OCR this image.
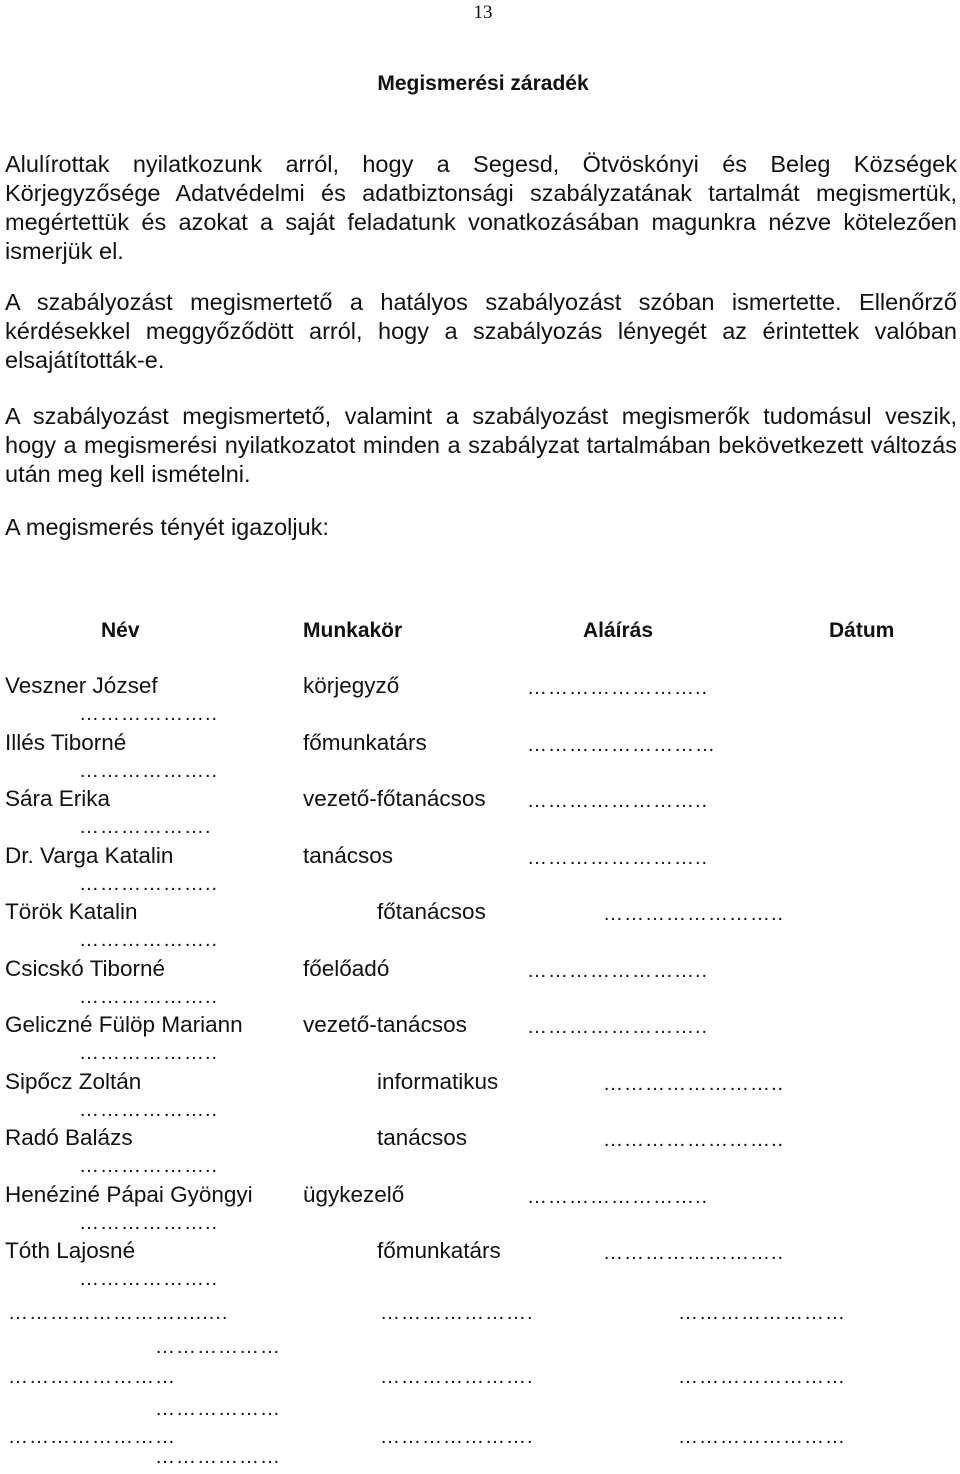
13
Megismerési záradék

Alulírottak nyilatkozunk arról, hogy a Segesd, Ötvöskónyi és Beleg Községek Körjegyzősége Adatvédelmi és adatbiztonsági szabályzatának tartalmát megismertük, megértettük és azokat a saját feladatunk vonatkozásában magunkra nézve kötelezően ismerjük el.

A szabályozást megismertető a hatályos szabályozást szóban ismertette. Ellenőrző kérdésekkel meggyőződött arról, hogy a szabályozás lényegét az érintettek valóban elsajátították-e.

A szabályozást megismertető, valamint a szabályozást megismerők tudomásul veszik, hogy a megismerési nyilatkozatot minden a szabályzat tartalmában bekövetkezett változás után meg kell ismételni.

A megismerés tényét igazoljuk:

Név	Munkakör	Aláírás	Dátum
Veszner József	körjegyző	……………………..
………………..
Illés Tiborné	főmunkatárs	………………………
………………..
Sára Erika	vezető-főtanácsos ……………………..
……………….
Dr. Varga Katalin	tanácsos	……………………..
………………..
Török Katalin	főtanácsos	……………………..
………………..
Csicskó Tiborné	főelőadó	……………………..
………………..
Geliczné Fülöp Mariann	vezető-tanácsos	……………………..
………………..
Sipőcz Zoltán	informatikus	……………………..
………………..
Radó Balázs	tanácsos	……………………..
………………..
Henéziné Pápai Gyöngyi ügykezelő	……………………..
………………..
Tóth Lajosné	főmunkatárs	……………………..
………………..
……………………........	………………….	……………………
………………
……………………	………………….	……………………
………………
……………………	………………….	……………………
………………
